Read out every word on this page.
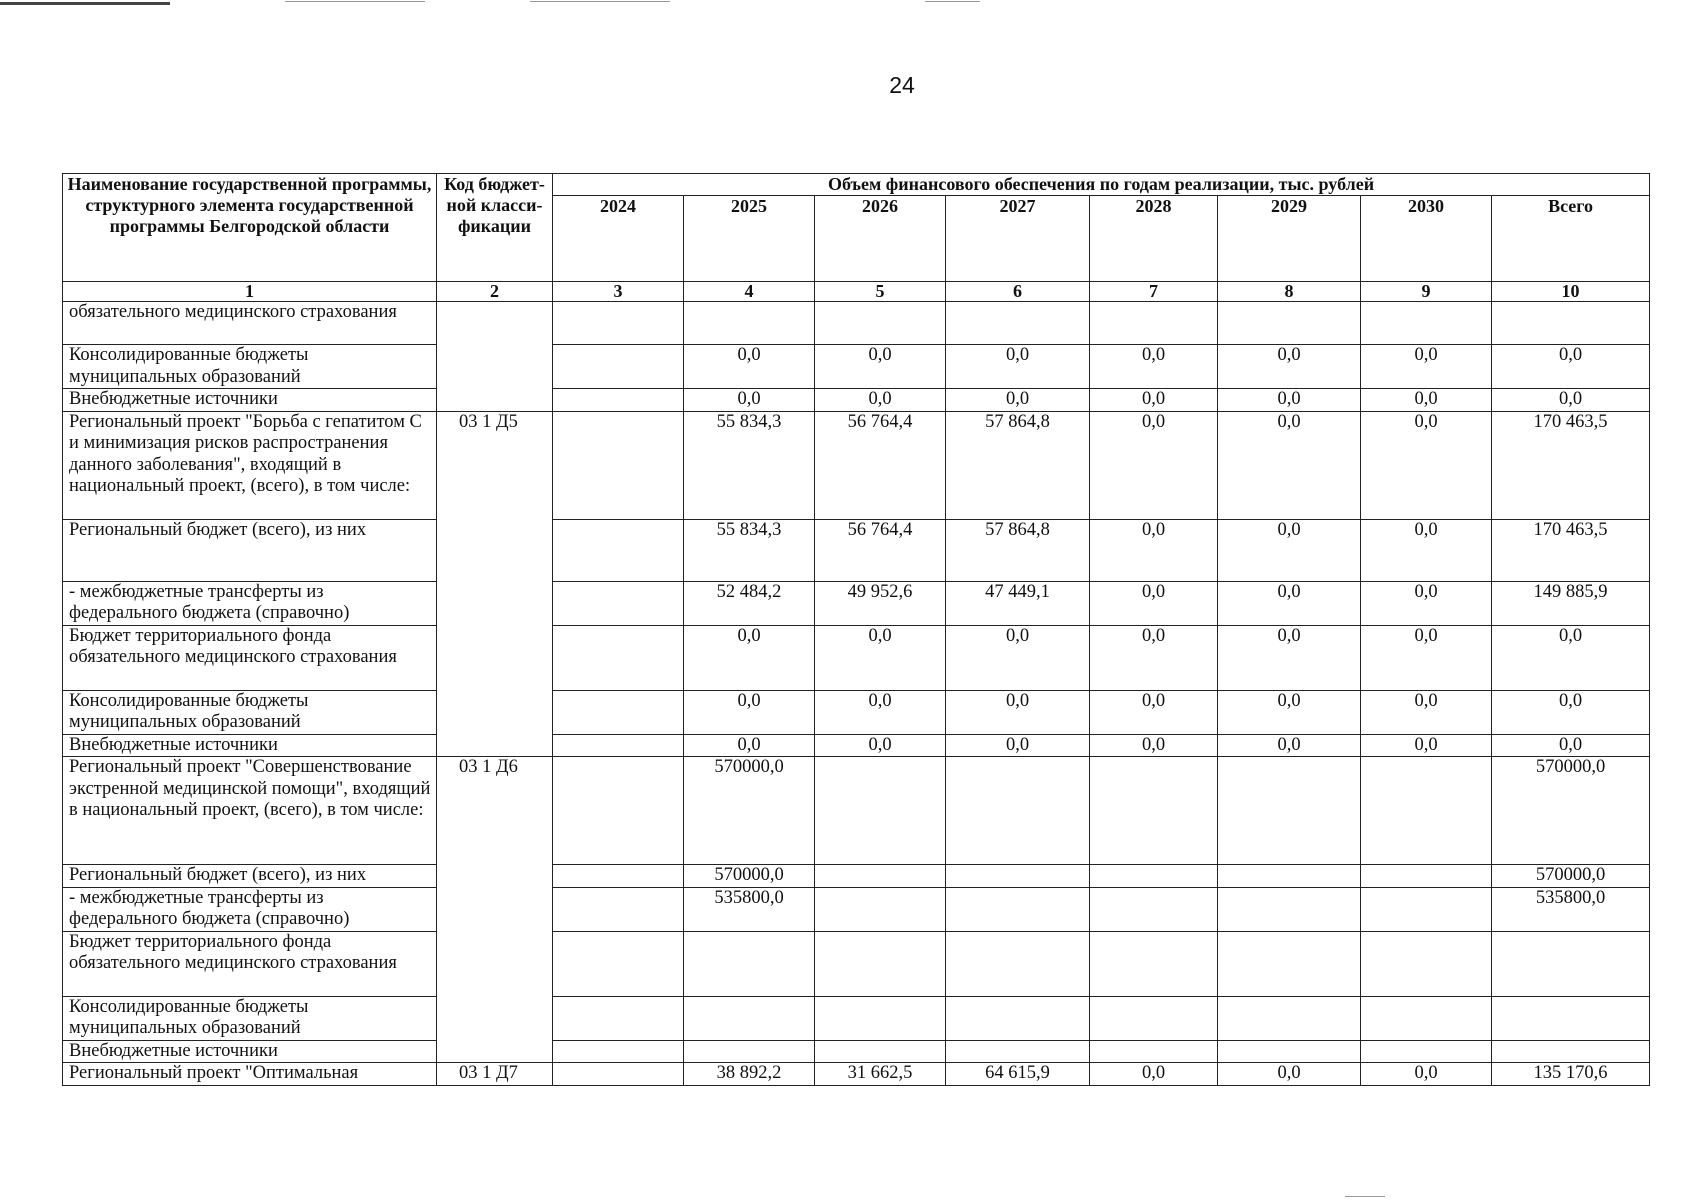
24
Наименование государственной программы, структурного элемента государственной программы Белгородской области	Код бюджет-ной класси-фикации	Объем финансового обеспечения по годам реализации, тыс. рублей							
		2024	2025	2026	2027	2028	2029	2030	Всего
1	2	3	4	5	6	7	8	9	10
обязательного медицинского страхования									
Консолидированные бюджеты муниципальных образований			0,0	0,0	0,0	0,0	0,0	0,0	0,0
Внебюджетные источники			0,0	0,0	0,0	0,0	0,0	0,0	0,0
Региональный проект "Борьба с гепатитом С и минимизация рисков распространения данного заболевания", входящий в национальный проект, (всего), в том числе:	03 1 Д5		55 834,3	56 764,4	57 864,8	0,0	0,0	0,0	170 463,5
Региональный бюджет (всего), из них			55 834,3	56 764,4	57 864,8	0,0	0,0	0,0	170 463,5
- межбюджетные трансферты из федерального бюджета (справочно)			52 484,2	49 952,6	47 449,1	0,0	0,0	0,0	149 885,9
Бюджет территориального фонда обязательного медицинского страхования			0,0	0,0	0,0	0,0	0,0	0,0	0,0
Консолидированные бюджеты муниципальных образований			0,0	0,0	0,0	0,0	0,0	0,0	0,0
Внебюджетные источники			0,0	0,0	0,0	0,0	0,0	0,0	0,0
Региональный проект "Совершенствование экстренной медицинской помощи", входящий в национальный проект, (всего), в том числе:	03 1 Д6		570000,0						570000,0
Региональный бюджет (всего), из них			570000,0						570000,0
- межбюджетные трансферты из федерального бюджета (справочно)			535800,0						535800,0
Бюджет территориального фонда обязательного медицинского страхования									
Консолидированные бюджеты муниципальных образований									
Внебюджетные источники									
Региональный проект "Оптимальная	03 1 Д7		38 892,2	31 662,5	64 615,9	0,0	0,0	0,0	135 170,6
